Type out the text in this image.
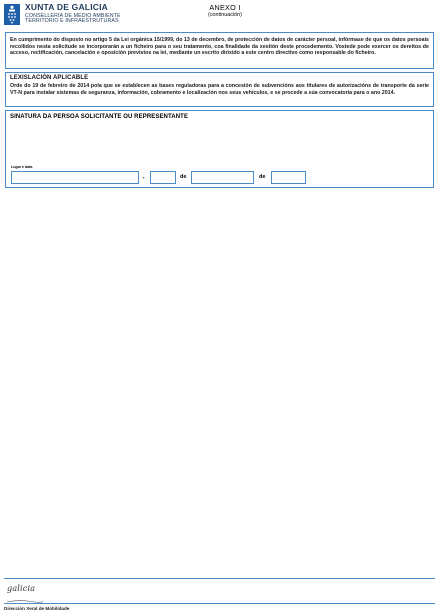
XUNTA DE GALICIA
CONSELLERÍA DE MEDIO AMBIENTE
TERRITORIO E INFRAESTRUTURAS
ANEXO I
(continuación)
En cumprimento do disposto no artigo 5 da Lei orgánica 15/1999, do 13 de decembro, de protección de datos de carácter persoal, infórmase de que os datos persoais recollidos nesta solicitude se incorporarán a un ficheiro para o seu tratamento, coa finalidade da xestión deste procedemento. Vostede pode exercer os dereitos de acceso, rectificación, cancelación e oposición previstos na lei, mediante un escrito dirixido a este centro directivo como responsable do ficheiro.
LEXISLACIÓN APLICABLE
Orde do 19 de febreiro de 2014 pola que se establecen as bases reguladoras para a concesión de subvencións aos titulares de autorizacións de transporte da serie VT-N para instalar sistemas de seguranza, información, cobramento e localización nos seus vehículos, e se procede a súa convocatoria para o ano 2014.
SINATURA DA PERSOA SOLICITANTE OU REPRESENTANTE
Lugar e data
,	de	de
galicia
Dirección Xeral de Mobilidade
